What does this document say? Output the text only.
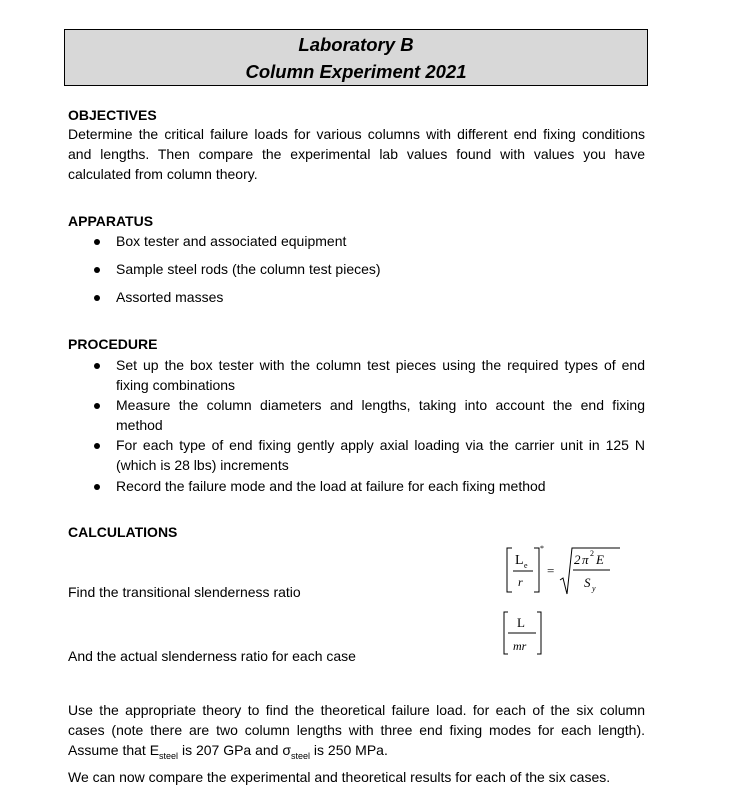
Laboratory B
Column Experiment 2021
OBJECTIVES
Determine the critical failure loads for various columns with different end fixing conditions and lengths. Then compare the experimental lab values found with values you have calculated from column theory.
APPARATUS
Box tester and associated equipment
Sample steel rods (the column test pieces)
Assorted masses
PROCEDURE
Set up the box tester with the column test pieces using the required types of end fixing combinations
Measure the column diameters and lengths, taking into account the end fixing method
For each type of end fixing gently apply axial loading via the carrier unit in 125 N (which is 28 lbs) increments
Record the failure mode and the load at failure for each fixing method
CALCULATIONS
L e
r
*
=
2 π 2 E
S y
Find the transitional slenderness ratio
L
mr
And the actual slenderness ratio for each case
Use the appropriate theory to find the theoretical failure load. for each of the six column cases (note there are two column lengths with three end fixing modes for each length). Assume that $E_{steel}$ is 207 GPa and $\sigma_{steel}$ is 250 MPa.
We can now compare the experimental and theoretical results for each of the six cases.
